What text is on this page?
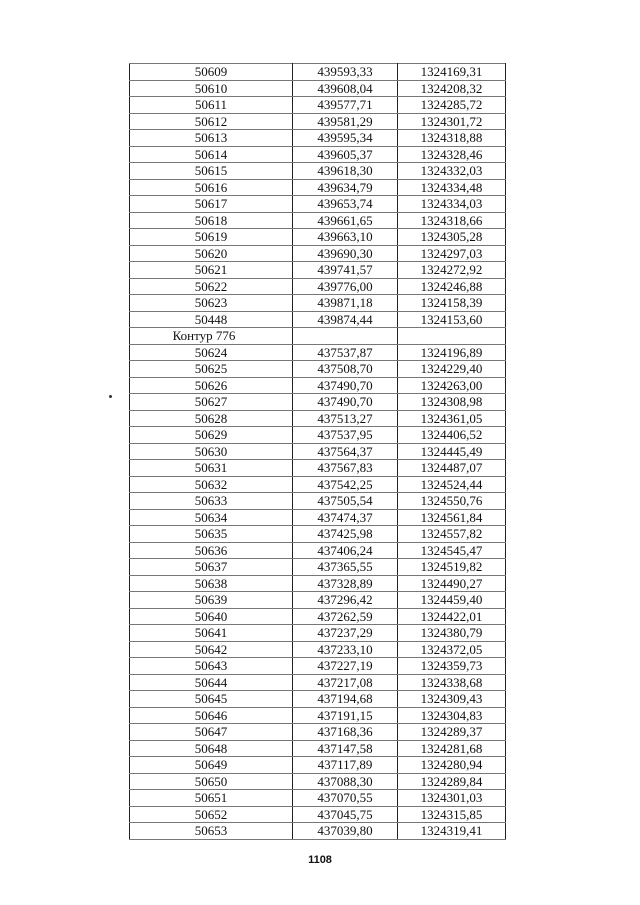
50609	439593,33	1324169,31
50610	439608,04	1324208,32
50611	439577,71	1324285,72
50612	439581,29	1324301,72
50613	439595,34	1324318,88
50614	439605,37	1324328,46
50615	439618,30	1324332,03
50616	439634,79	1324334,48
50617	439653,74	1324334,03
50618	439661,65	1324318,66
50619	439663,10	1324305,28
50620	439690,30	1324297,03
50621	439741,57	1324272,92
50622	439776,00	1324246,88
50623	439871,18	1324158,39
50448	439874,44	1324153,60
Контур 776		
50624	437537,87	1324196,89
50625	437508,70	1324229,40
50626	437490,70	1324263,00
50627	437490,70	1324308,98
50628	437513,27	1324361,05
50629	437537,95	1324406,52
50630	437564,37	1324445,49
50631	437567,83	1324487,07
50632	437542,25	1324524,44
50633	437505,54	1324550,76
50634	437474,37	1324561,84
50635	437425,98	1324557,82
50636	437406,24	1324545,47
50637	437365,55	1324519,82
50638	437328,89	1324490,27
50639	437296,42	1324459,40
50640	437262,59	1324422,01
50641	437237,29	1324380,79
50642	437233,10	1324372,05
50643	437227,19	1324359,73
50644	437217,08	1324338,68
50645	437194,68	1324309,43
50646	437191,15	1324304,83
50647	437168,36	1324289,37
50648	437147,58	1324281,68
50649	437117,89	1324280,94
50650	437088,30	1324289,84
50651	437070,55	1324301,03
50652	437045,75	1324315,85
50653	437039,80	1324319,41
1108
